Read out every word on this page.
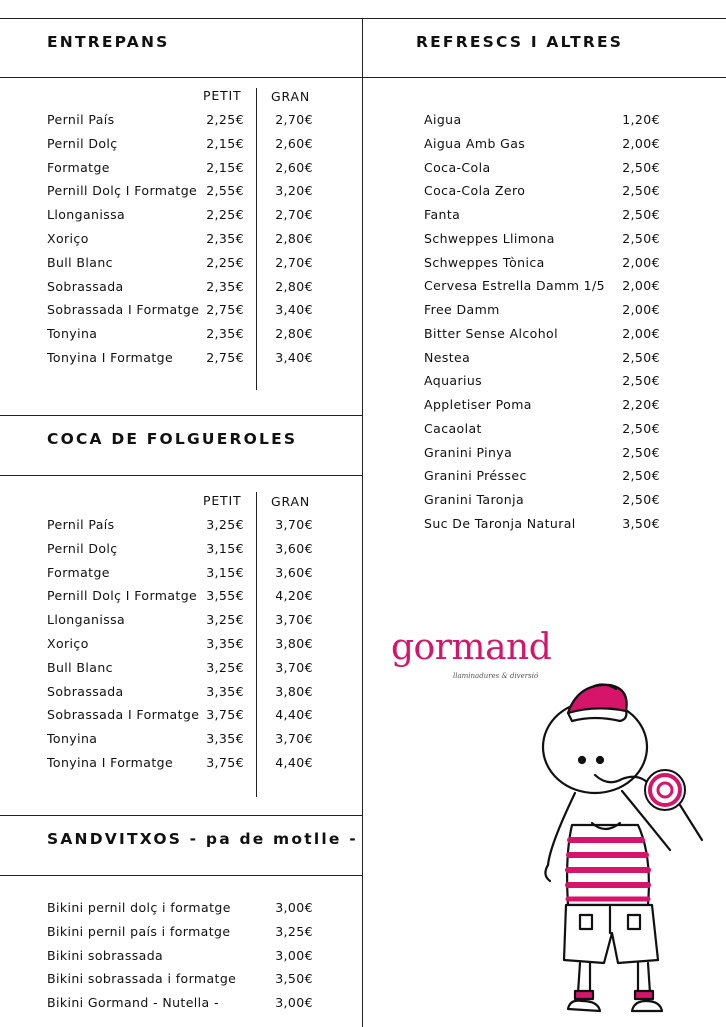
ENTREPANS	REFRESCS I ALTRES
COCA DE FOLGUEROLES
SANDVITXOS - pa de motlle -
PETIT GRAN
PETIT GRAN
Pernil País	2,25€ 2,70€
Pernil Dolç	2,15€ 2,60€
Formatge	2,15€ 2,60€
Pernill Dolç I Formatge 2,55€ 3,20€
Llonganissa	2,25€ 2,70€
Xoriço	2,35€ 2,80€
Bull Blanc	2,25€ 2,70€
Sobrassada	2,35€ 2,80€
Sobrassada I Formatge 2,75€ 3,40€
Tonyina	2,35€ 2,80€
Tonyina I Formatge	2,75€ 3,40€
Pernil País	3,25€ 3,70€
Pernil Dolç	3,15€ 3,60€
Formatge	3,15€ 3,60€
Pernill Dolç I Formatge 3,55€ 4,20€
Llonganissa	3,25€ 3,70€
Xoriço	3,35€ 3,80€
Bull Blanc	3,25€ 3,70€
Sobrassada	3,35€ 3,80€
Sobrassada I Formatge 3,75€ 4,40€
Tonyina	3,35€ 3,70€
Tonyina I Formatge	3,75€ 4,40€
Bikini pernil dolç i formatge	3,00€
Bikini pernil país i formatge	3,25€
Bikini sobrassada	3,00€
Bikini sobrassada i formatge	3,50€
Bikini Gormand - Nutella -	3,00€
Aigua	1,20€
Aigua Amb Gas	2,00€
Coca-Cola	2,50€
Coca-Cola Zero	2,50€
Fanta	2,50€
Schweppes Llimona	2,50€
Schweppes Tònica	2,00€
Cervesa Estrella Damm 1/5 2,00€
Free Damm	2,00€
Bitter Sense Alcohol	2,00€
Nestea	2,50€
Aquarius	2,50€
Appletiser Poma	2,20€
Cacaolat	2,50€
Granini Pinya	2,50€
Granini Préssec	2,50€
Granini Taronja	2,50€
Suc De Taronja Natural	3,50€
gormand
llaminadures & diversió
